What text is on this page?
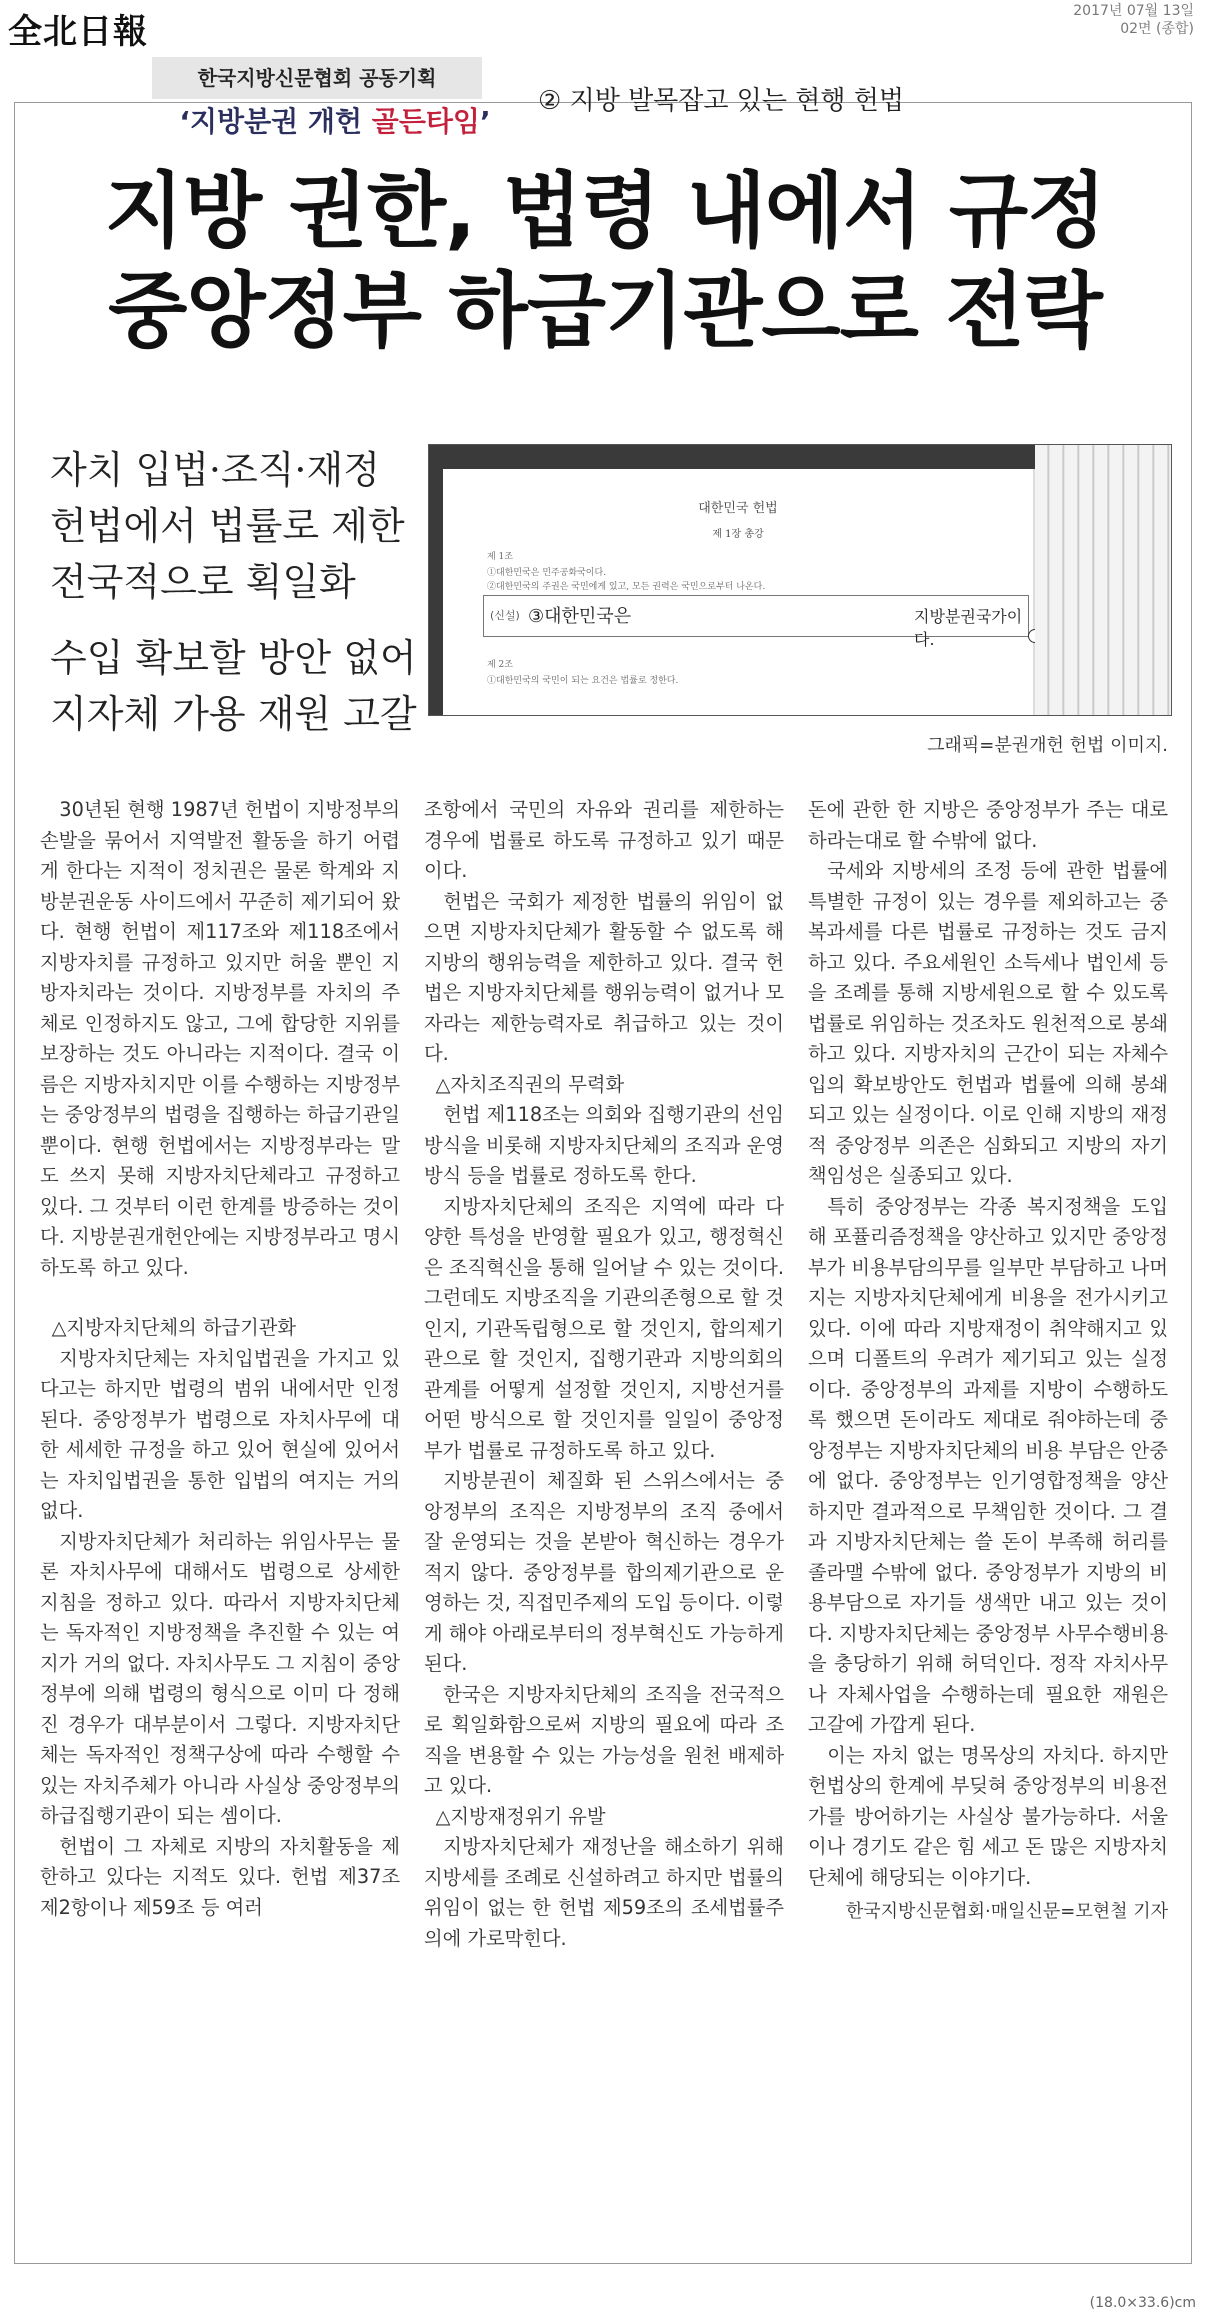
全北日報
2017년 07월 13일
02면 (종합)
한국지방신문협회 공동기획
‘지방분권 개헌 골든타임’
② 지방 발목잡고 있는 현행 헌법
지방 권한, 법령 내에서 규정
중앙정부 하급기관으로 전락
자치 입법·조직·재정
헌법에서 법률로 제한
전국적으로 획일화
수입 확보할 방안 없어
지자체 가용 재원 고갈
대한민국 헌법
제 1장 총강
제 1조
①대한민국은 민주공화국이다.
②대한민국의 주권은 국민에게 있고, 모든 권력은 국민으로부터 나온다.
(신설) ③대한민국은	지방분권국가이다.
제 2조
①대한민국의 국민이 되는 요건은 법률로 정한다.
그래픽=분권개헌 헌법 이미지.

30년된 현행 1987년 헌법이 지방정부의 손발을 묶어서 지역발전 활동을 하기 어렵게 한다는 지적이 정치권은 물론 학계와 지방분권운동 사이드에서 꾸준히 제기되어 왔다. 현행 헌법이 제117조와 제118조에서 지방자치를 규정하고 있지만 허울 뿐인 지방자치라는 것이다. 지방정부를 자치의 주체로 인정하지도 않고, 그에 합당한 지위를 보장하는 것도 아니라는 지적이다. 결국 이름은 지방자치지만 이를 수행하는 지방정부는 중앙정부의 법령을 집행하는 하급기관일 뿐이다. 현행 헌법에서는 지방정부라는 말도 쓰지 못해 지방자치단체라고 규정하고 있다. 그 것부터 이런 한계를 방증하는 것이다. 지방분권개헌안에는 지방정부라고 명시하도록 하고 있다.

△지방자치단체의 하급기관화

지방자치단체는 자치입법권을 가지고 있다고는 하지만 법령의 범위 내에서만 인정된다. 중앙정부가 법령으로 자치사무에 대한 세세한 규정을 하고 있어 현실에 있어서는 자치입법권을 통한 입법의 여지는 거의 없다.

지방자치단체가 처리하는 위임사무는 물론 자치사무에 대해서도 법령으로 상세한 지침을 정하고 있다. 따라서 지방자치단체는 독자적인 지방정책을 추진할 수 있는 여지가 거의 없다. 자치사무도 그 지침이 중앙정부에 의해 법령의 형식으로 이미 다 정해진 경우가 대부분이서 그렇다. 지방자치단체는 독자적인 정책구상에 따라 수행할 수 있는 자치주체가 아니라 사실상 중앙정부의 하급집행기관이 되는 셈이다.

헌법이 그 자체로 지방의 자치활동을 제한하고 있다는 지적도 있다. 헌법 제37조 제2항이나 제59조 등 여러

조항에서 국민의 자유와 권리를 제한하는 경우에 법률로 하도록 규정하고 있기 때문이다.

헌법은 국회가 제정한 법률의 위임이 없으면 지방자치단체가 활동할 수 없도록 해 지방의 행위능력을 제한하고 있다. 결국 헌법은 지방자치단체를 행위능력이 없거나 모자라는 제한능력자로 취급하고 있는 것이다.

△자치조직권의 무력화

헌법 제118조는 의회와 집행기관의 선임방식을 비롯해 지방자치단체의 조직과 운영방식 등을 법률로 정하도록 한다.

지방자치단체의 조직은 지역에 따라 다양한 특성을 반영할 필요가 있고, 행정혁신은 조직혁신을 통해 일어날 수 있는 것이다. 그런데도 지방조직을 기관의존형으로 할 것인지, 기관독립형으로 할 것인지, 합의제기관으로 할 것인지, 집행기관과 지방의회의 관계를 어떻게 설정할 것인지, 지방선거를 어떤 방식으로 할 것인지를 일일이 중앙정부가 법률로 규정하도록 하고 있다.

지방분권이 체질화 된 스위스에서는 중앙정부의 조직은 지방정부의 조직 중에서 잘 운영되는 것을 본받아 혁신하는 경우가 적지 않다. 중앙정부를 합의제기관으로 운영하는 것, 직접민주제의 도입 등이다. 이렇게 해야 아래로부터의 정부혁신도 가능하게 된다.

한국은 지방자치단체의 조직을 전국적으로 획일화함으로써 지방의 필요에 따라 조직을 변용할 수 있는 가능성을 원천 배제하고 있다.

△지방재정위기 유발

지방자치단체가 재정난을 해소하기 위해 지방세를 조례로 신설하려고 하지만 법률의 위임이 없는 한 헌법 제59조의 조세법률주의에 가로막힌다.

돈에 관한 한 지방은 중앙정부가 주는 대로 하라는대로 할 수밖에 없다.

국세와 지방세의 조정 등에 관한 법률에 특별한 규정이 있는 경우를 제외하고는 중복과세를 다른 법률로 규정하는 것도 금지하고 있다. 주요세원인 소득세나 법인세 등을 조례를 통해 지방세원으로 할 수 있도록 법률로 위임하는 것조차도 원천적으로 봉쇄하고 있다. 지방자치의 근간이 되는 자체수입의 확보방안도 헌법과 법률에 의해 봉쇄되고 있는 실정이다. 이로 인해 지방의 재정적 중앙정부 의존은 심화되고 지방의 자기 책임성은 실종되고 있다.

특히 중앙정부는 각종 복지정책을 도입해 포퓰리즘정책을 양산하고 있지만 중앙정부가 비용부담의무를 일부만 부담하고 나머지는 지방자치단체에게 비용을 전가시키고 있다. 이에 따라 지방재정이 취약해지고 있으며 디폴트의 우려가 제기되고 있는 실정이다. 중앙정부의 과제를 지방이 수행하도록 했으면 돈이라도 제대로 줘야하는데 중앙정부는 지방자치단체의 비용 부담은 안중에 없다. 중앙정부는 인기영합정책을 양산하지만 결과적으로 무책임한 것이다. 그 결과 지방자치단체는 쓸 돈이 부족해 허리를 졸라맬 수밖에 없다. 중앙정부가 지방의 비용부담으로 자기들 생색만 내고 있는 것이다. 지방자치단체는 중앙정부 사무수행비용을 충당하기 위해 허덕인다. 정작 자치사무나 자체사업을 수행하는데 필요한 재원은 고갈에 가깝게 된다.

이는 자치 없는 명목상의 자치다. 하지만 헌법상의 한계에 부딪혀 중앙정부의 비용전가를 방어하기는 사실상 불가능하다. 서울이나 경기도 같은 힘 세고 돈 많은 지방자치단체에 해당되는 이야기다.

한국지방신문협회·매일신문=모현철 기자

(18.0×33.6)cm
